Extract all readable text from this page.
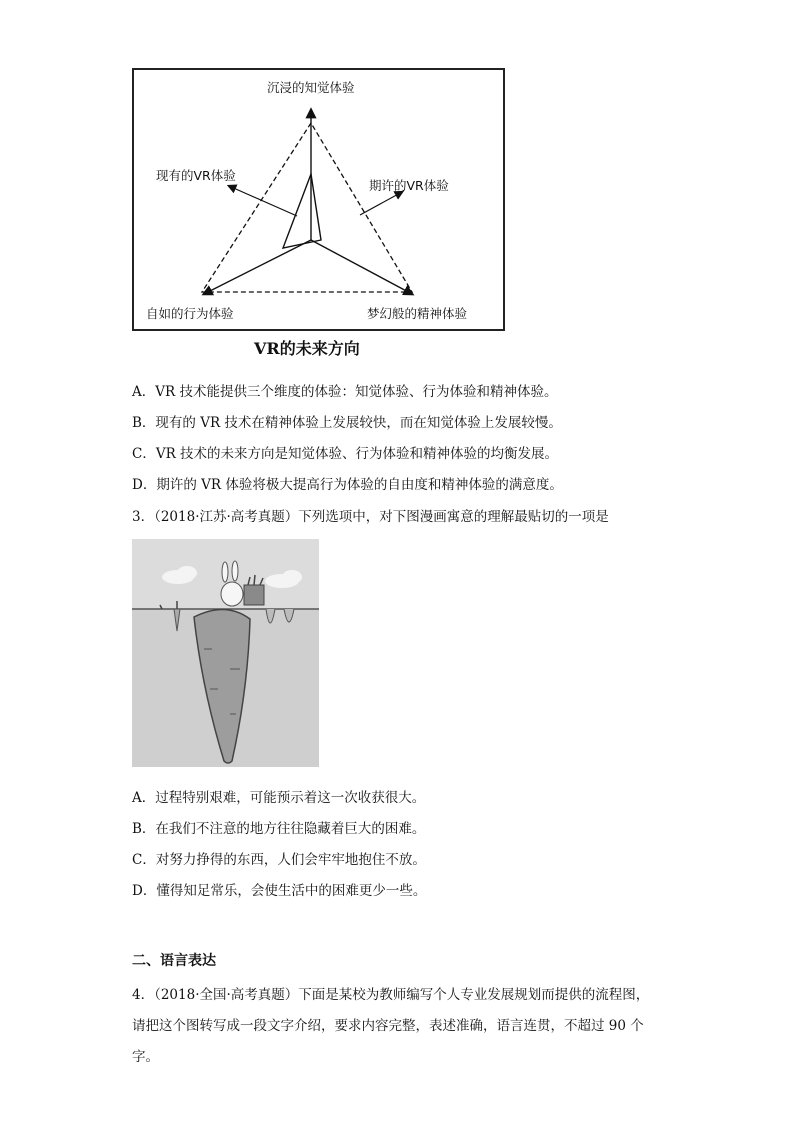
沉浸的知觉体验
现有的VR体验
期许的VR体验
自如的行为体验	梦幻般的精神体验
VR的未来方向
A．VR 技术能提供三个维度的体验：知觉体验、行为体验和精神体验。
B．现有的 VR 技术在精神体验上发展较快，而在知觉体验上发展较慢。
C．VR 技术的未来方向是知觉体验、行为体验和精神体验的均衡发展。
D．期许的 VR 体验将极大提高行为体验的自由度和精神体验的满意度。
3．（2018·江苏·高考真题）下列选项中，对下图漫画寓意的理解最贴切的一项是
A．过程特别艰难，可能预示着这一次收获很大。
B．在我们不注意的地方往往隐藏着巨大的困难。
C．对努力挣得的东西，人们会牢牢地抱住不放。
D．懂得知足常乐，会使生活中的困难更少一些。
二、语言表达
4．（2018·全国·高考真题）下面是某校为教师编写个人专业发展规划而提供的流程图，
请把这个图转写成一段文字介绍，要求内容完整，表述准确，语言连贯，不超过 90 个
字。
